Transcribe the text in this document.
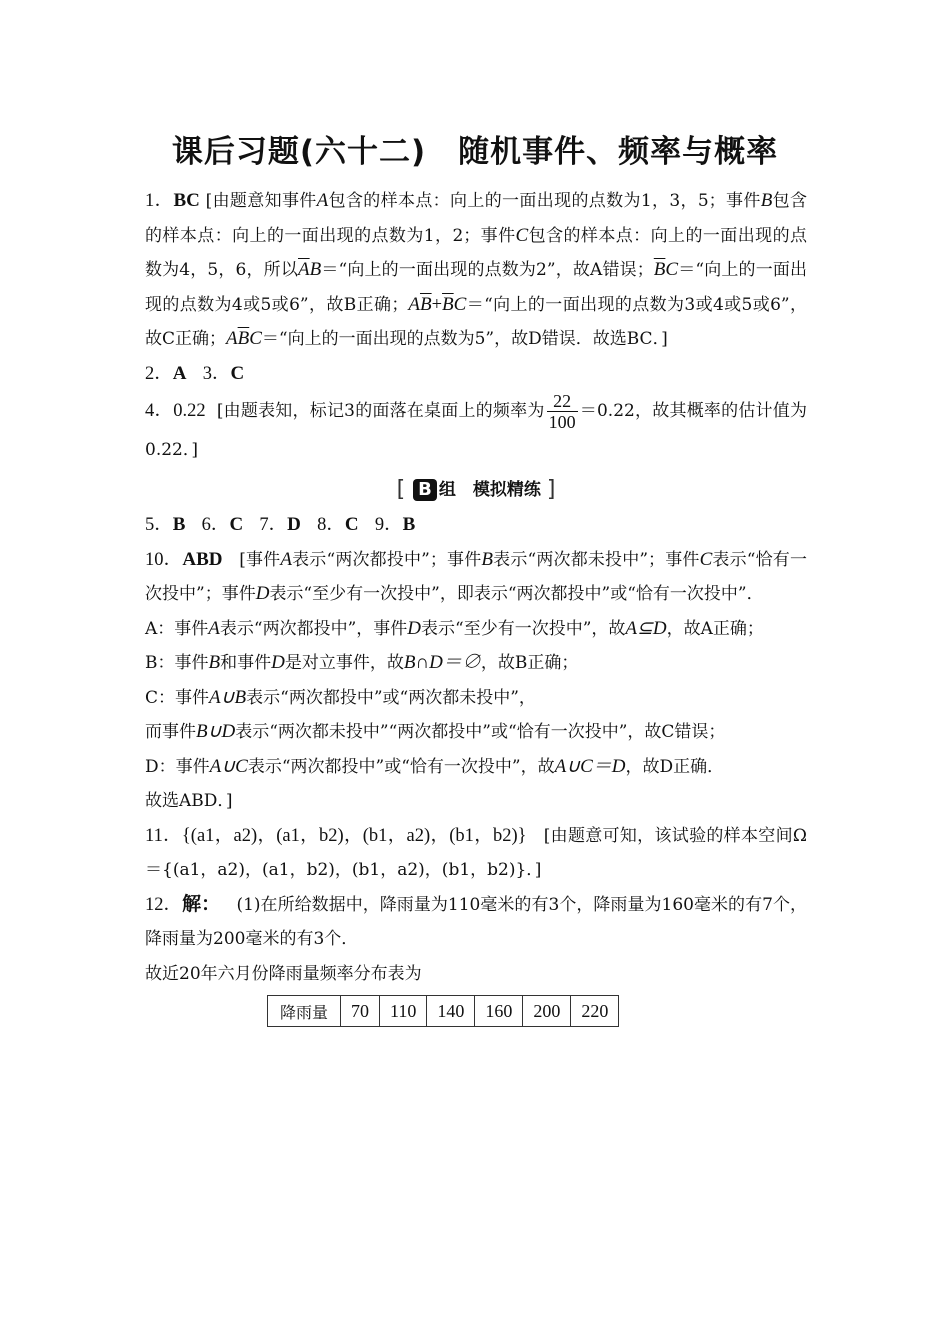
课后习题(六十二)　随机事件、频率与概率

1．BC [由题意知事件A包含的样本点：向上的一面出现的点数为1，3，5；事件B包含的样本点：向上的一面出现的点数为1，2；事件C包含的样本点：向上的一面出现的点数为4，5，6，所以$\overline{A}B=“$向上的一面出现的点数为2”，故A错误；$\overline{B}C=“$向上的一面出现的点数为4或5或6”，故B正确；$A\overline{B}+\overline{B}C=“$向上的一面出现的点数为3或4或5或6”，故C正确；$A\overline{B}C=“$向上的一面出现的点数为5”，故D错误．故选BC．]

2．A 3．C

4．0.22 [由题表知，标记3的面落在桌面上的频率为 $\frac{22}{100} =0.22$，故其概率的估计值为0.22．]

[ B 组　模拟精练 ]

5．B 6．C 7．D 8．C 9．B

10．ABD [事件A表示“两次都投中”；事件B表示“两次都未投中”；事件C表示“恰有一次投中”；事件D表示“至少有一次投中”，即表示“两次都投中”或“恰有一次投中”．

A：事件A表示“两次都投中”，事件D表示“至少有一次投中”，故A⊆D，故A正确；

B：事件B和事件D是对立事件，故B∩D＝∅，故B正确；

C：事件A∪B表示“两次都投中”或“两次都未投中”，
而事件B∪D表示“两次都未投中”“两次都投中”或“恰有一次投中”，故C错误；

D：事件A∪C表示“两次都投中”或“恰有一次投中”，故A∪C＝D，故D正确．

故选ABD．]

11．{(a1，a2)，(a1，b2)，(b1，a2)，(b1，b2)} [由题意可知，该试验的样本空间Ω＝{(a1，a2)，(a1，b2)，(b1，a2)，(b1，b2)}．]

12．解： (1)在所给数据中，降雨量为110毫米的有3个，降雨量为160毫米的有7个，降雨量为200毫米的有3个．

故近20年六月份降雨量频率分布表为

降雨量	70	110	140	160	200	220
